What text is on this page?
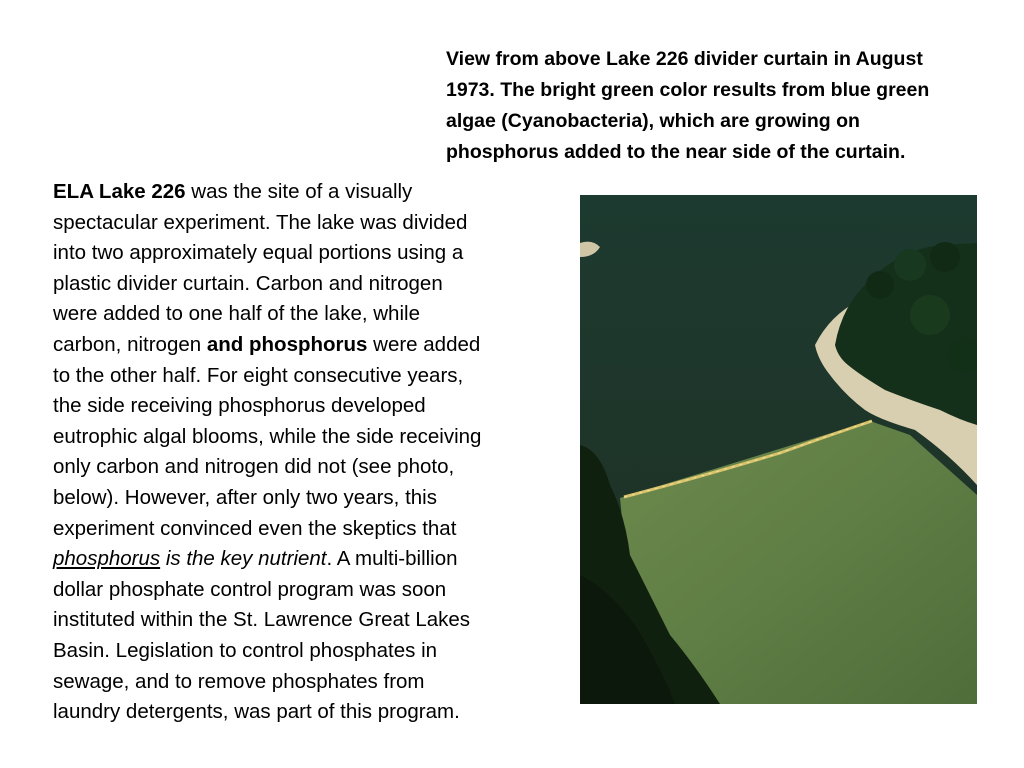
View from above Lake 226 divider curtain in August
1973. The bright green color results from blue green
algae (Cyanobacteria), which are growing on
phosphorus added to the near side of the curtain.
ELA Lake 226 was the site of a visually
spectacular experiment. The lake was divided
into two approximately equal portions using a
plastic divider curtain. Carbon and nitrogen
were added to one half of the lake, while
carbon, nitrogen and phosphorus were added
to the other half. For eight consecutive years,
the side receiving phosphorus developed
eutrophic algal blooms, while the side receiving
only carbon and nitrogen did not (see photo,
below). However, after only two years, this
experiment convinced even the skeptics that
phosphorus is the key nutrient. A multi-billion
dollar phosphate control program was soon
instituted within the St. Lawrence Great Lakes
Basin. Legislation to control phosphates in
sewage, and to remove phosphates from
laundry detergents, was part of this program.
